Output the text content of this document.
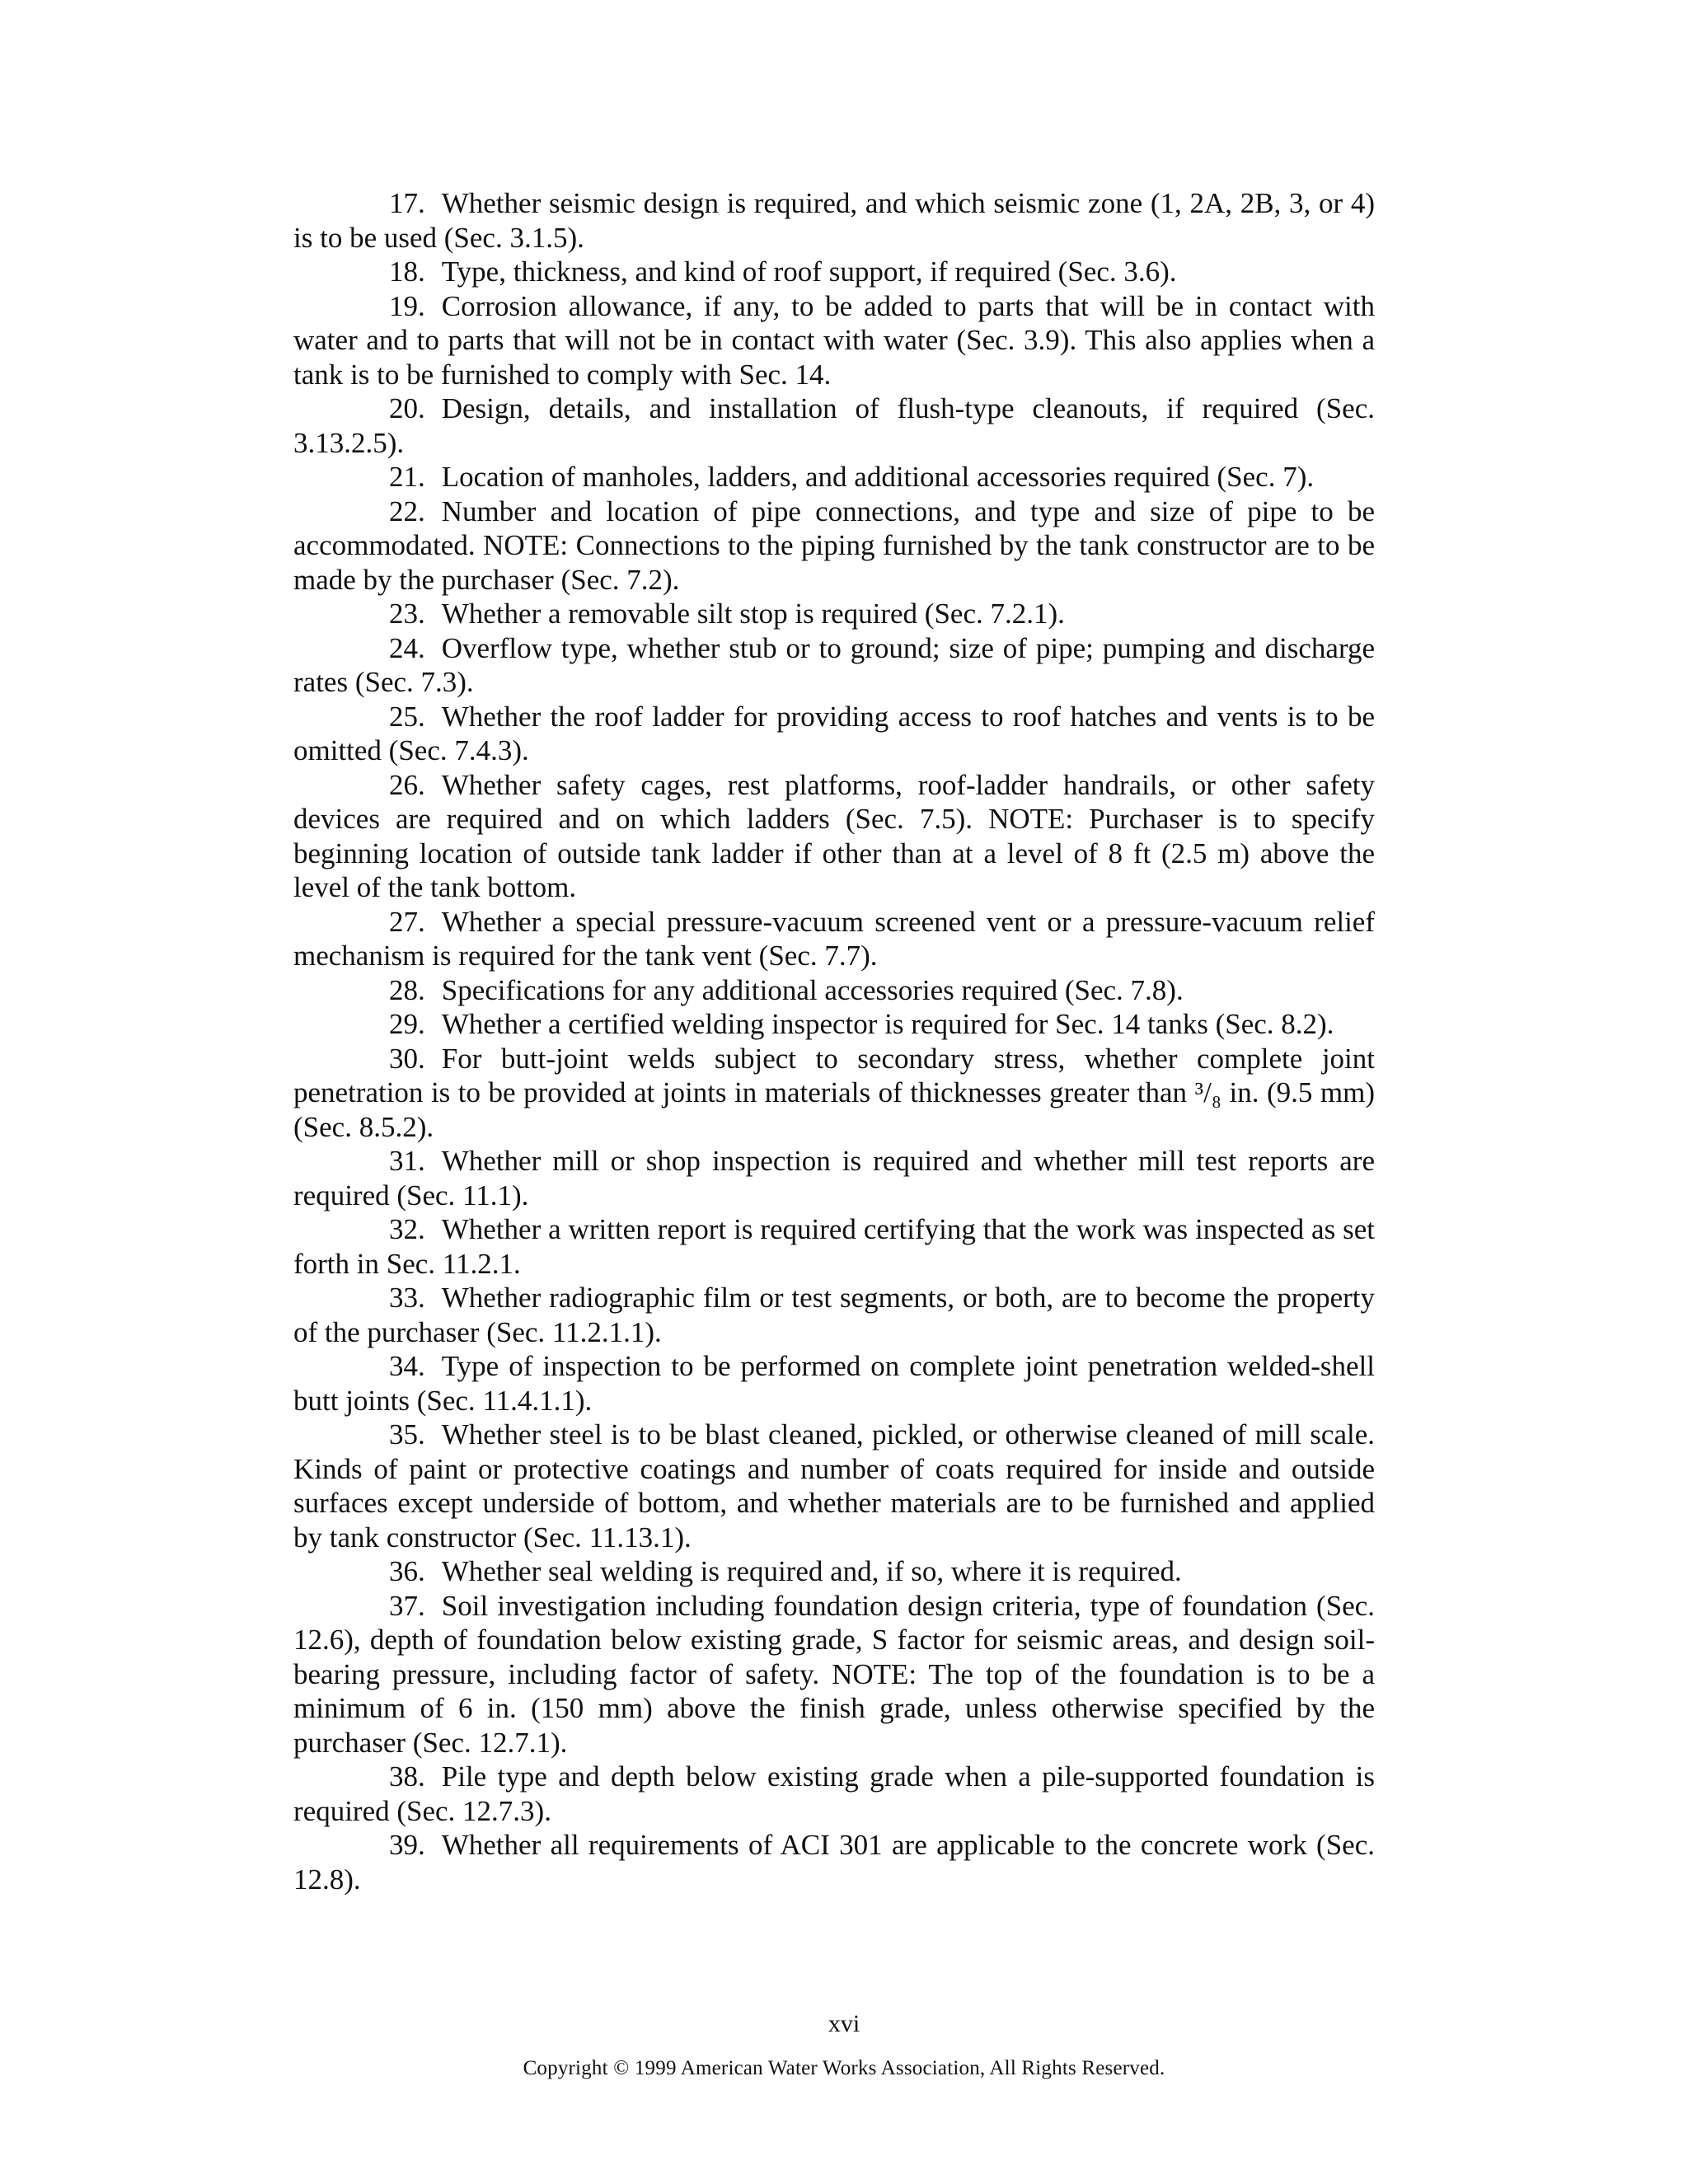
17 . Whether seismic design is required, and which seismic zone (1, 2A, 2B, 3, or 4) is to be used (Sec. 3.1.5).

18 . Type, thickness, and kind of roof support, if required (Sec. 3.6).

19 . Corrosion allowance, if any, to be added to parts that will be in contact with water and to parts that will not be in contact with water (Sec. 3.9). This also applies when a tank is to be furnished to comply with Sec. 14.

20 . Design, details, and installation of flush-type cleanouts, if required (Sec. 3.13.2.5).

21 . Location of manholes, ladders, and additional accessories required (Sec. 7).

22 . Number and location of pipe connections, and type and size of pipe to be accommodated. NOTE: Connections to the piping furnished by the tank constructor are to be made by the purchaser (Sec. 7.2).

23 . Whether a removable silt stop is required (Sec. 7.2.1).

24 . Overflow type, whether stub or to ground; size of pipe; pumping and discharge rates (Sec. 7.3).

25 . Whether the roof ladder for providing access to roof hatches and vents is to be omitted (Sec. 7.4.3).

26 . Whether safety cages, rest platforms, roof-ladder handrails, or other safety devices are required and on which ladders (Sec. 7.5). NOTE: Purchaser is to specify beginning location of outside tank ladder if other than at a level of 8 ft (2.5 m) above the level of the tank bottom.

27 . Whether a special pressure-vacuum screened vent or a pressure-vacuum relief mechanism is required for the tank vent (Sec. 7.7).

28 . Specifications for any additional accessories required (Sec. 7.8).

29 . Whether a certified welding inspector is required for Sec. 14 tanks (Sec. 8.2).

30 . For butt-joint welds subject to secondary stress, whether complete joint penetration is to be provided at joints in materials of thicknesses greater than ³/₈ in. (9.5 mm) (Sec. 8.5.2).

31 . Whether mill or shop inspection is required and whether mill test reports are required (Sec. 11.1).

32 . Whether a written report is required certifying that the work was inspected as set forth in Sec. 11.2.1.

33 . Whether radiographic film or test segments, or both, are to become the property of the purchaser (Sec. 11.2.1.1).

34 . Type of inspection to be performed on complete joint penetration welded-shell butt joints (Sec. 11.4.1.1).

35 . Whether steel is to be blast cleaned, pickled, or otherwise cleaned of mill scale. Kinds of paint or protective coatings and number of coats required for inside and outside surfaces except underside of bottom, and whether materials are to be furnished and applied by tank constructor (Sec. 11.13.1).

36 . Whether seal welding is required and, if so, where it is required.

37 . Soil investigation including foundation design criteria, type of foundation (Sec. 12.6), depth of foundation below existing grade, S factor for seismic areas, and design soil-bearing pressure, including factor of safety. NOTE: The top of the foundation is to be a minimum of 6 in. (150 mm) above the finish grade, unless otherwise specified by the purchaser (Sec. 12.7.1).

38 . Pile type and depth below existing grade when a pile-supported foundation is required (Sec. 12.7.3).

39 . Whether all requirements of ACI 301 are applicable to the concrete work (Sec. 12.8).

xvi
Copyright © 1999 American Water Works Association, All Rights Reserved.
